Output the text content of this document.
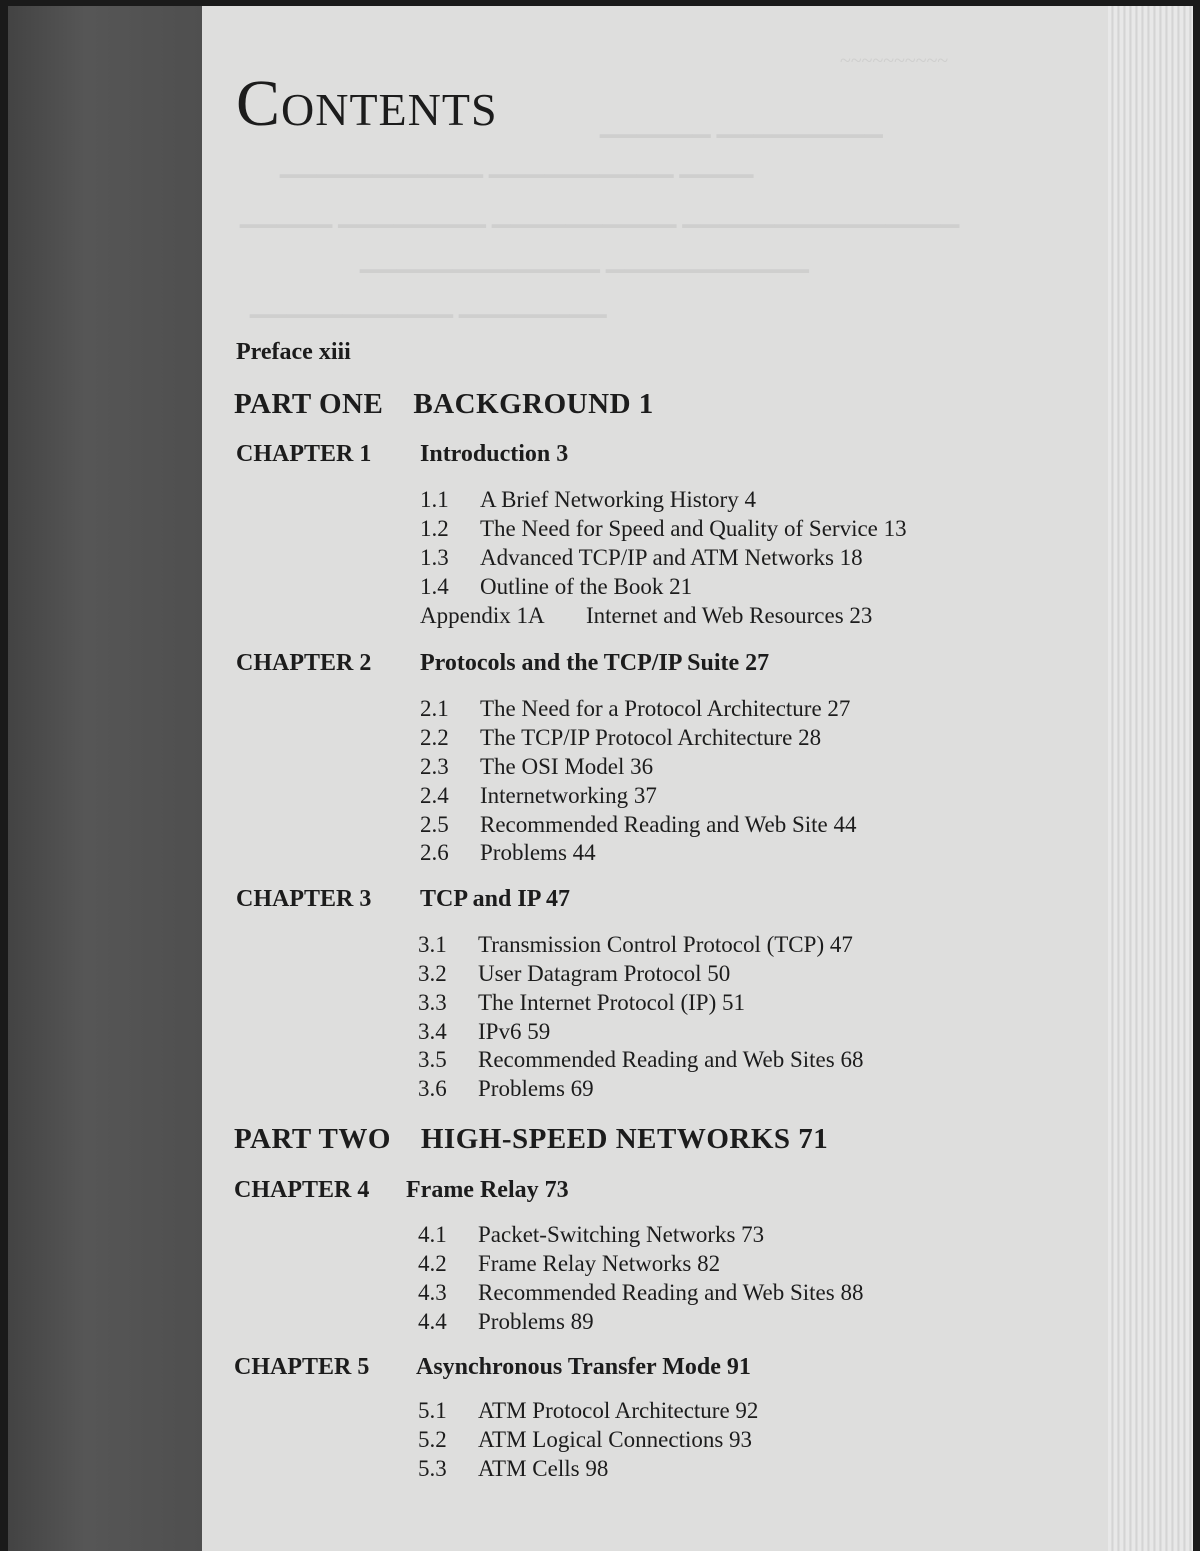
~~~~~~~~~~
▁▁▁▁▁▁ ▁▁▁▁▁▁▁▁▁
▁▁▁▁▁▁▁▁▁▁▁ ▁▁▁▁▁▁▁▁▁▁ ▁▁▁▁
▁▁▁▁▁ ▁▁▁▁▁▁▁▁ ▁▁▁▁▁▁▁▁▁▁ ▁▁▁▁▁▁▁▁▁▁▁▁▁▁▁
▁▁▁▁▁▁▁▁▁▁▁▁▁ ▁▁▁▁▁▁▁▁▁▁▁
▁▁▁▁▁▁▁▁▁▁▁ ▁▁▁▁▁▁▁▁
Contents
Preface xiii
PART ONE BACKGROUND 1
CHAPTER 1 Introduction 3
1.1 A Brief Networking History 4
1.2 The Need for Speed and Quality of Service 13
1.3 Advanced TCP/IP and ATM Networks 18
1.4 Outline of the Book 21
Appendix 1A Internet and Web Resources 23
CHAPTER 2 Protocols and the TCP/IP Suite 27
2.1 The Need for a Protocol Architecture 27
2.2 The TCP/IP Protocol Architecture 28
2.3 The OSI Model 36
2.4 Internetworking 37
2.5 Recommended Reading and Web Site 44
2.6 Problems 44
CHAPTER 3 TCP and IP 47
3.1 Transmission Control Protocol (TCP) 47
3.2 User Datagram Protocol 50
3.3 The Internet Protocol (IP) 51
3.4 IPv6 59
3.5 Recommended Reading and Web Sites 68
3.6 Problems 69
PART TWO HIGH-SPEED NETWORKS 71
CHAPTER 4 Frame Relay 73
4.1 Packet-Switching Networks 73
4.2 Frame Relay Networks 82
4.3 Recommended Reading and Web Sites 88
4.4 Problems 89
CHAPTER 5 Asynchronous Transfer Mode 91
5.1 ATM Protocol Architecture 92
5.2 ATM Logical Connections 93
5.3 ATM Cells 98
